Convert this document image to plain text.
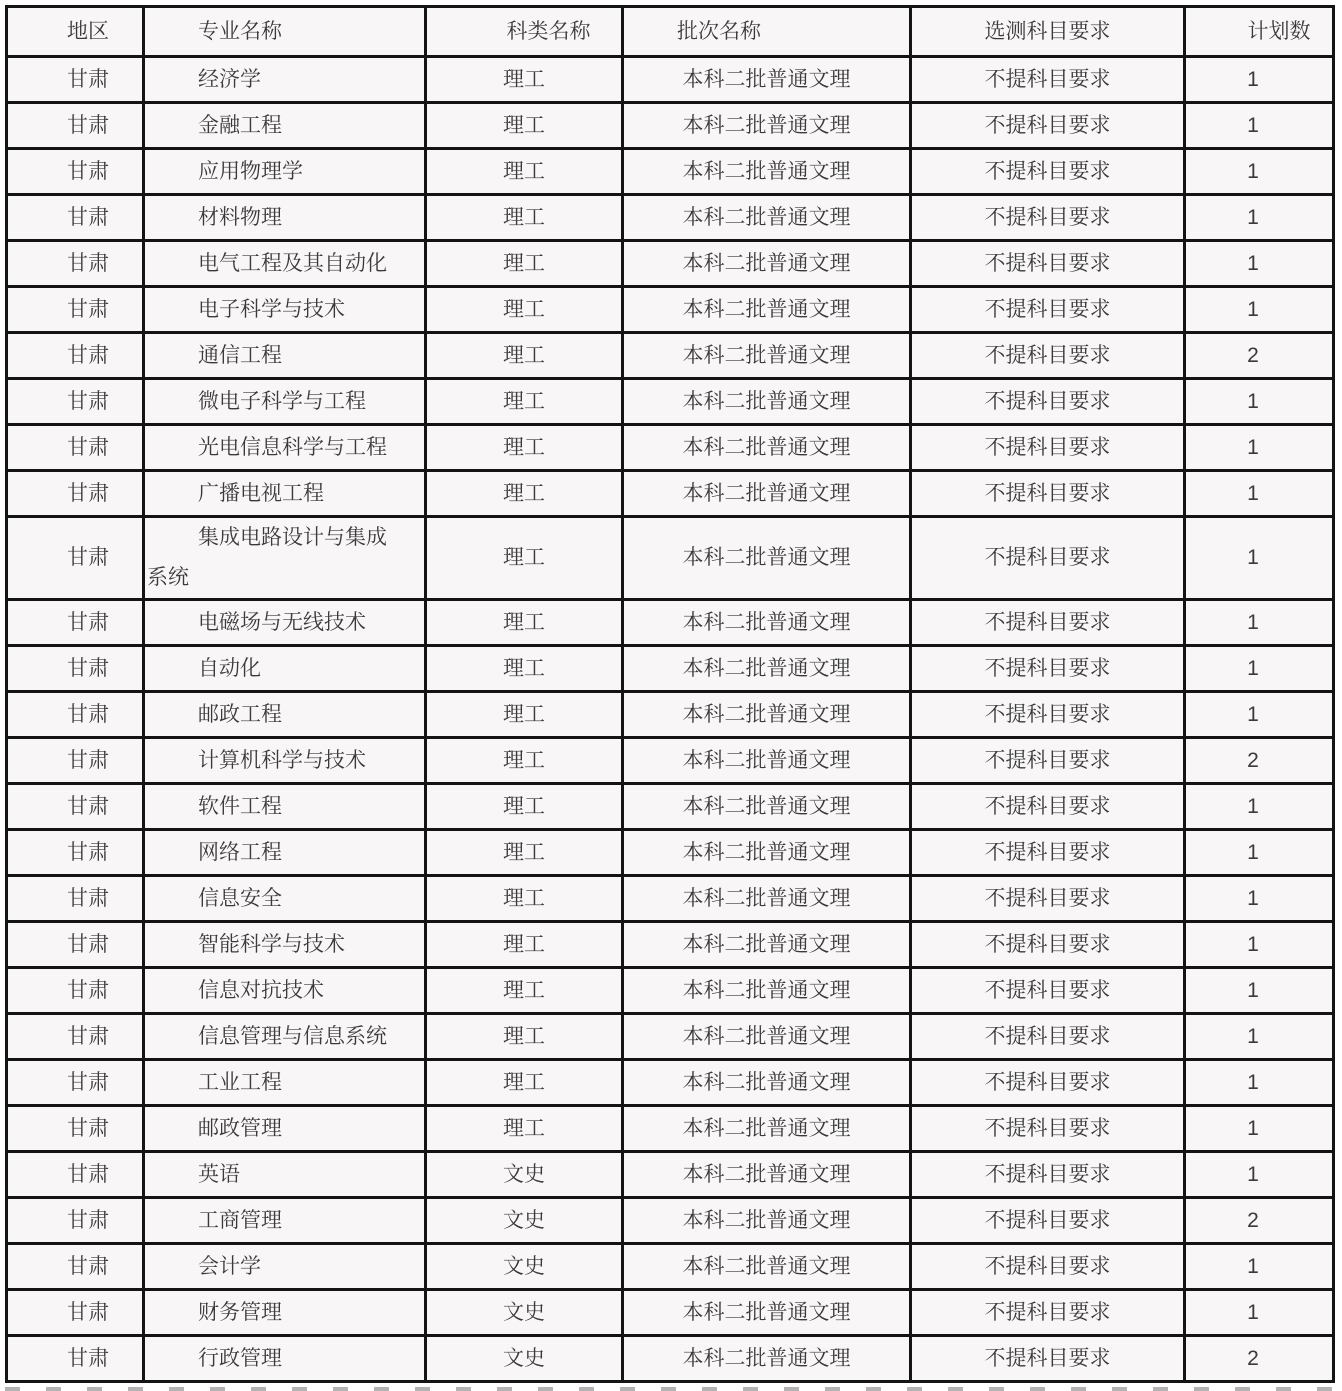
地区	专业名称	科类名称	批次名称	选测科目要求	计划数
甘肃	经济学	理工	本科二批普通文理	不提科目要求	1
甘肃	金融工程	理工	本科二批普通文理	不提科目要求	1
甘肃	应用物理学	理工	本科二批普通文理	不提科目要求	1
甘肃	材料物理	理工	本科二批普通文理	不提科目要求	1
甘肃	电气工程及其自动化	理工	本科二批普通文理	不提科目要求	1
甘肃	电子科学与技术	理工	本科二批普通文理	不提科目要求	1
甘肃	通信工程	理工	本科二批普通文理	不提科目要求	2
甘肃	微电子科学与工程	理工	本科二批普通文理	不提科目要求	1
甘肃	光电信息科学与工程	理工	本科二批普通文理	不提科目要求	1
甘肃	广播电视工程	理工	本科二批普通文理	不提科目要求	1
甘肃	集成电路设计与集成系统	理工	本科二批普通文理	不提科目要求	1
甘肃	电磁场与无线技术	理工	本科二批普通文理	不提科目要求	1
甘肃	自动化	理工	本科二批普通文理	不提科目要求	1
甘肃	邮政工程	理工	本科二批普通文理	不提科目要求	1
甘肃	计算机科学与技术	理工	本科二批普通文理	不提科目要求	2
甘肃	软件工程	理工	本科二批普通文理	不提科目要求	1
甘肃	网络工程	理工	本科二批普通文理	不提科目要求	1
甘肃	信息安全	理工	本科二批普通文理	不提科目要求	1
甘肃	智能科学与技术	理工	本科二批普通文理	不提科目要求	1
甘肃	信息对抗技术	理工	本科二批普通文理	不提科目要求	1
甘肃	信息管理与信息系统	理工	本科二批普通文理	不提科目要求	1
甘肃	工业工程	理工	本科二批普通文理	不提科目要求	1
甘肃	邮政管理	理工	本科二批普通文理	不提科目要求	1
甘肃	英语	文史	本科二批普通文理	不提科目要求	1
甘肃	工商管理	文史	本科二批普通文理	不提科目要求	2
甘肃	会计学	文史	本科二批普通文理	不提科目要求	1
甘肃	财务管理	文史	本科二批普通文理	不提科目要求	1
甘肃	行政管理	文史	本科二批普通文理	不提科目要求	2
